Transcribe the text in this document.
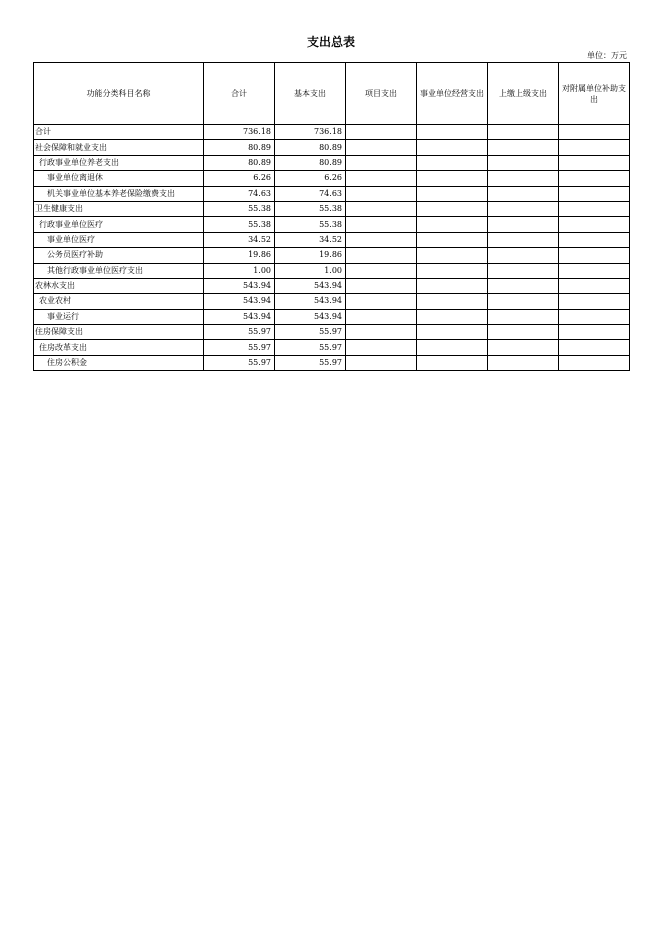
支出总表
单位：万元
功能分类科目名称	合计	基本支出	项目支出	事业单位经营支出	上缴上级支出	对附属单位补助支出
合计	736.18	736.18				
社会保障和就业支出	80.89	80.89				
行政事业单位养老支出	80.89	80.89				
事业单位离退休	6.26	6.26				
机关事业单位基本养老保险缴费支出	74.63	74.63				
卫生健康支出	55.38	55.38				
行政事业单位医疗	55.38	55.38				
事业单位医疗	34.52	34.52				
公务员医疗补助	19.86	19.86				
其他行政事业单位医疗支出	1.00	1.00				
农林水支出	543.94	543.94				
农业农村	543.94	543.94				
事业运行	543.94	543.94				
住房保障支出	55.97	55.97				
住房改革支出	55.97	55.97				
住房公积金	55.97	55.97				
